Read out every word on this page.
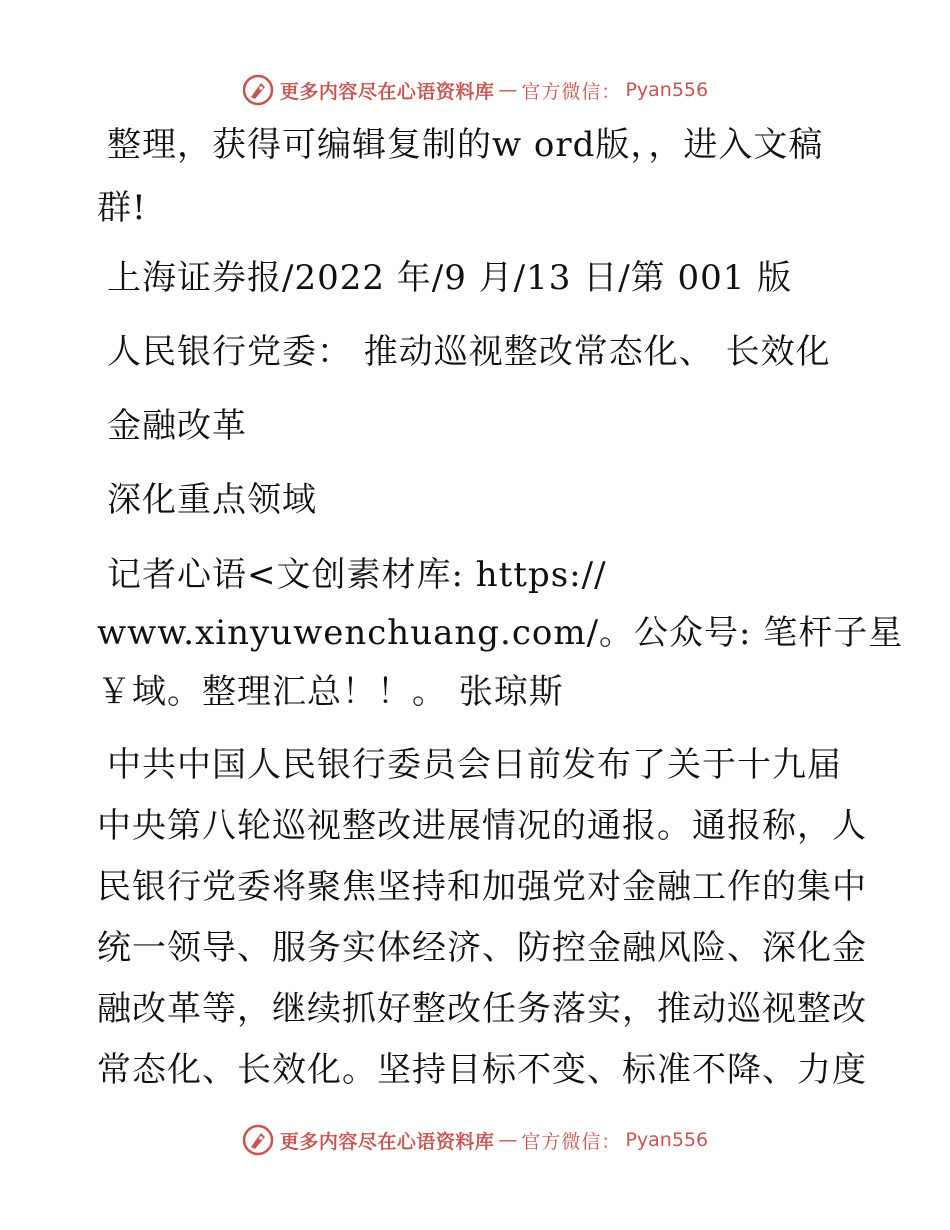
更多内容尽在心语资料库 — 官方微信： Pyan556
整理，获得可编辑复制的w ord版，，进入文稿
群!
上海证券报/2022 年/9 月/13 日/第 001 版
人民银行党委： 推动巡视整改常态化、 长效化
金融改革
深化重点领域
记者心语<文创素材库: https://
www.xinyuwenchuang.com/。公众号: 笔杆子星
￥域。整理汇总！！。 张琼斯
中共中国人民银行委员会日前发布了关于十九届
中央第八轮巡视整改进展情况的通报。通报称，人
民银行党委将聚焦坚持和加强党对金融工作的集中
统一领导、服务实体经济、防控金融风险、深化金
融改革等，继续抓好整改任务落实，推动巡视整改
常态化、长效化。坚持目标不变、标准不降、力度
更多内容尽在心语资料库 — 官方微信： Pyan556
